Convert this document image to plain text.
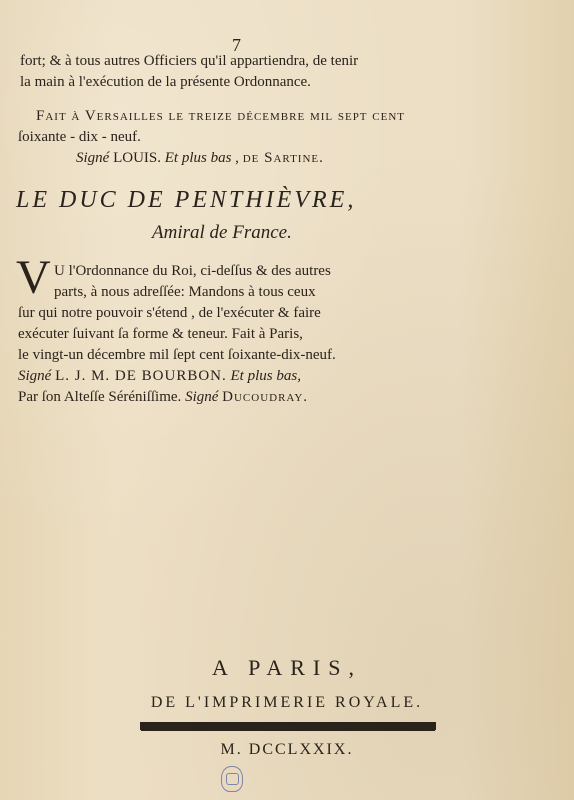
7
fort; & à tous autres Officiers qu'il appartiendra, de tenir
la main à l'exécution de la présente Ordonnance.
Fait à Verſailles le treize décembre mil ſept cent
ſoixante - dix - neuf.
Signé LOUIS. Et plus bas , de Sartine.
LE DUC DE PENTHIÈVRE,
Amiral de France.
V U l'Ordonnance du Roi, ci-deſſus & des autres
parts, à nous adreſſée: Mandons à tous ceux
ſur qui notre pouvoir s'étend , de l'exécuter & faire
exécuter ſuivant ſa forme & teneur. Fait à Paris,
le vingt-un décembre mil ſept cent ſoixante-dix-neuf.
Signé L. J. M. DE BOURBON. Et plus bas,
Par ſon Alteſſe Séréniſſime. Signé Ducoudray.
A PARIS,
DE L'IMPRIMERIE ROYALE.
M. DCCLXXIX.
